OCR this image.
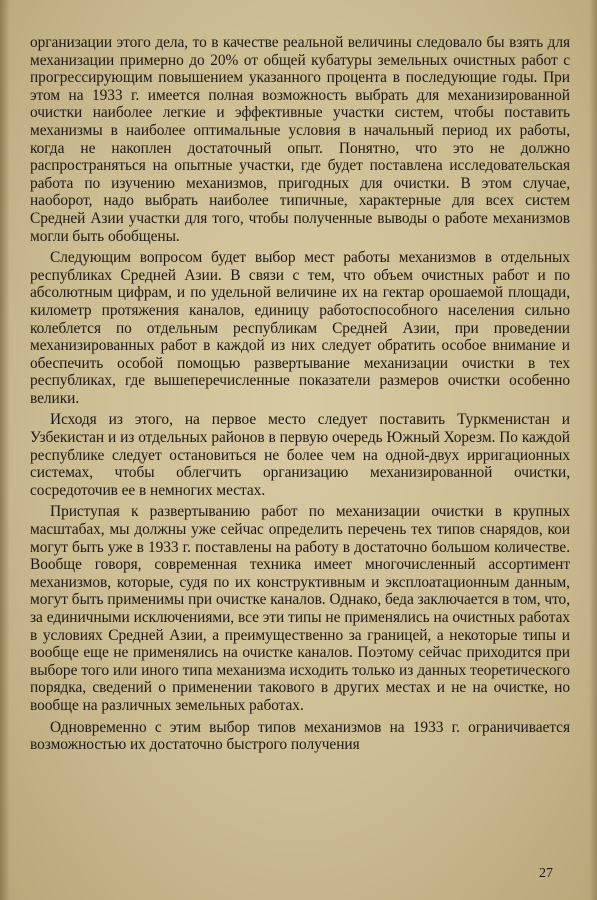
организации этого дела, то в качестве реальной величины следовало бы взять для механизации примерно до 20% от общей кубатуры земельных очистных работ с прогрессирующим повышением указанного процента в последующие годы. При этом на 1933 г. имеется полная возможность выбрать для механизированной очистки наиболее легкие и эффективные участки систем, чтобы поставить механизмы в наиболее оптимальные условия в начальный период их работы, когда не накоплен достаточный опыт. Понятно, что это не должно распространяться на опытные участки, где будет поставлена исследовательская работа по изучению механизмов, пригодных для очистки. В этом случае, наоборот, надо выбрать наиболее типичные, характерные для всех систем Средней Азии участки для того, чтобы полученные выводы о работе механизмов могли быть обобщены.

Следующим вопросом будет выбор мест работы механизмов в отдельных республиках Средней Азии. В связи с тем, что объем очистных работ и по абсолютным цифрам, и по удельной величине их на гектар орошаемой площади, километр протяжения каналов, единицу работоспособного населения сильно колеблется по отдельным республикам Средней Азии, при проведении механизированных работ в каждой из них следует обратить особое внимание и обеспечить особой помощью развертывание механизации очистки в тех республиках, где вышеперечисленные показатели размеров очистки особенно велики.

Исходя из этого, на первое место следует поставить Туркменистан и Узбекистан и из отдельных районов в первую очередь Южный Хорезм. По каждой республике следует остановиться не более чем на одной-двух ирригационных системах, чтобы облегчить организацию механизированной очистки, сосредоточив ее в немногих местах.

Приступая к развертыванию работ по механизации очистки в крупных масштабах, мы должны уже сейчас определить перечень тех типов снарядов, кои могут быть уже в 1933 г. поставлены на работу в достаточно большом количестве. Вообще говоря, современная техника имеет многочисленный ассортимент механизмов, которые, судя по их конструктивным и эксплоатационным данным, могут быть применимы при очистке каналов. Однако, беда заключается в том, что, за единичными исключениями, все эти типы не применялись на очистных работах в условиях Средней Азии, а преимущественно за границей, а некоторые типы и вообще еще не применялись на очистке каналов. Поэтому сейчас приходится при выборе того или иного типа механизма исходить только из данных теоретического порядка, сведений о применении такового в других местах и не на очистке, но вообще на различных земельных работах.

Одновременно с этим выбор типов механизмов на 1933 г. ограничивается возможностью их достаточно быстрого получения

27
